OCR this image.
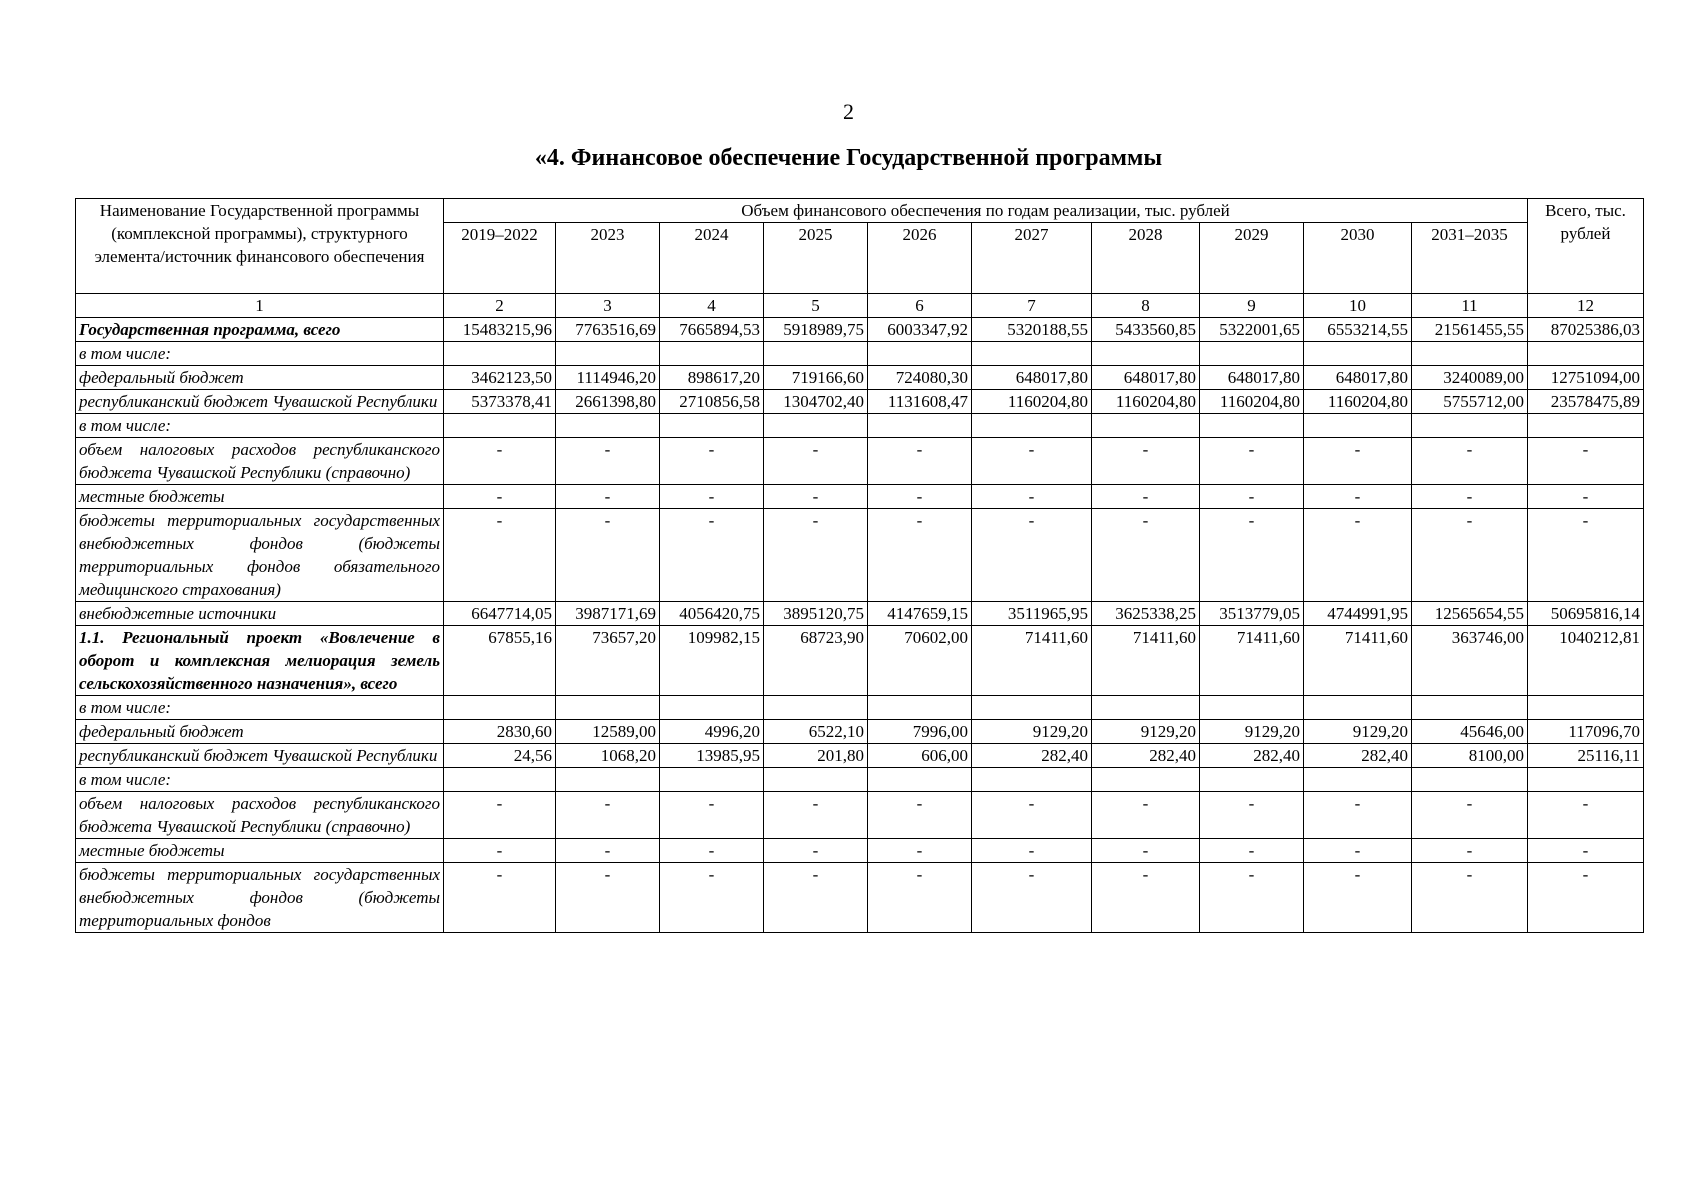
2
«4. Финансовое обеспечение Государственной программы
Наименование Государственной программы (комплексной программы), структурного элемента/источник финансового обеспечения	Объем финансового обеспечения по годам реализации, тыс. рублей										Всего, тыс. рублей
	2019–2022	2023	2024	2025	2026	2027	2028	2029	2030	2031–2035	
1	2	3	4	5	6	7	8	9	10	11	12
Государственная программа, всего	15483215,96	7763516,69	7665894,53	5918989,75	6003347,92	5320188,55	5433560,85	5322001,65	6553214,55	21561455,55	87025386,03
в том числе:											
федеральный бюджет	3462123,50	1114946,20	898617,20	719166,60	724080,30	648017,80	648017,80	648017,80	648017,80	3240089,00	12751094,00
республиканский бюджет Чувашской Республики	5373378,41	2661398,80	2710856,58	1304702,40	1131608,47	1160204,80	1160204,80	1160204,80	1160204,80	5755712,00	23578475,89
в том числе:											
объем налоговых расходов республиканского бюджета Чувашской Республики (справочно)	-	-	-	-	-	-	-	-	-	-	-
местные бюджеты	-	-	-	-	-	-	-	-	-	-	-
бюджеты территориальных государственных внебюджетных фондов (бюджеты территориальных фондов обязательного медицинского страхования)	-	-	-	-	-	-	-	-	-	-	-
внебюджетные источники	6647714,05	3987171,69	4056420,75	3895120,75	4147659,15	3511965,95	3625338,25	3513779,05	4744991,95	12565654,55	50695816,14
1.1. Региональный проект «Вовлечение в оборот и комплексная мелиорация земель сельскохозяйственного назначения», всего	67855,16	73657,20	109982,15	68723,90	70602,00	71411,60	71411,60	71411,60	71411,60	363746,00	1040212,81
в том числе:											
федеральный бюджет	2830,60	12589,00	4996,20	6522,10	7996,00	9129,20	9129,20	9129,20	9129,20	45646,00	117096,70
республиканский бюджет Чувашской Республики	24,56	1068,20	13985,95	201,80	606,00	282,40	282,40	282,40	282,40	8100,00	25116,11
в том числе:											
объем налоговых расходов республиканского бюджета Чувашской Республики (справочно)	-	-	-	-	-	-	-	-	-	-	-
местные бюджеты	-	-	-	-	-	-	-	-	-	-	-
бюджеты территориальных государственных внебюджетных фондов (бюджеты территориальных фондов	-	-	-	-	-	-	-	-	-	-	-
